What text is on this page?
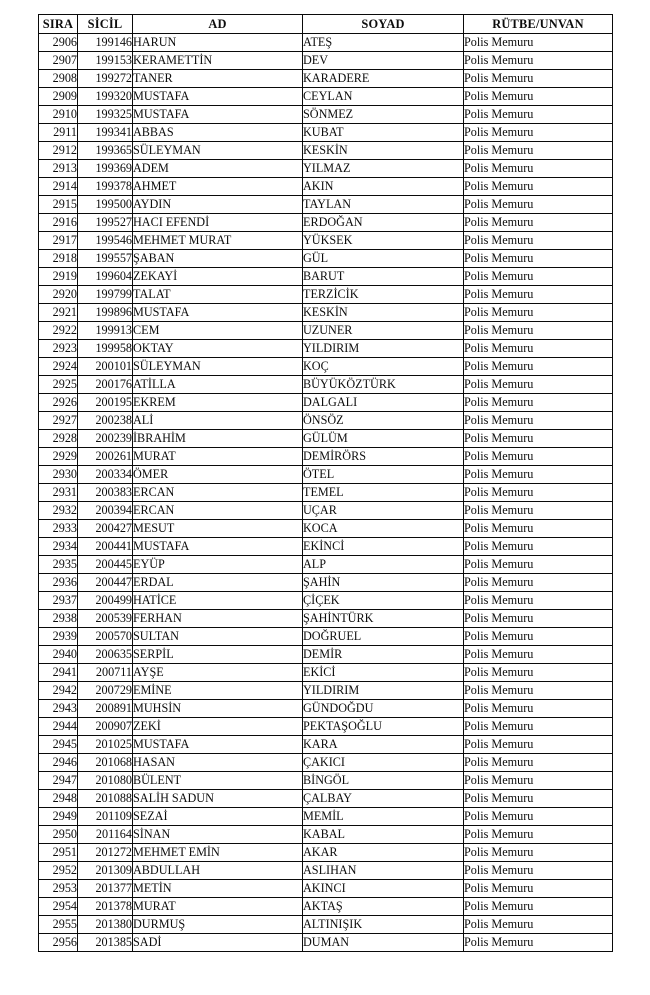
SIRA	SİCİL	AD	SOYAD	RÜTBE/UNVAN
2906	199146	HARUN	ATEŞ	Polis Memuru
2907	199153	KERAMETTİN	DEV	Polis Memuru
2908	199272	TANER	KARADERE	Polis Memuru
2909	199320	MUSTAFA	CEYLAN	Polis Memuru
2910	199325	MUSTAFA	SÖNMEZ	Polis Memuru
2911	199341	ABBAS	KUBAT	Polis Memuru
2912	199365	SÜLEYMAN	KESKİN	Polis Memuru
2913	199369	ADEM	YILMAZ	Polis Memuru
2914	199378	AHMET	AKIN	Polis Memuru
2915	199500	AYDIN	TAYLAN	Polis Memuru
2916	199527	HACI EFENDİ	ERDOĞAN	Polis Memuru
2917	199546	MEHMET MURAT	YÜKSEK	Polis Memuru
2918	199557	ŞABAN	GÜL	Polis Memuru
2919	199604	ZEKAYİ	BARUT	Polis Memuru
2920	199799	TALAT	TERZİCİK	Polis Memuru
2921	199896	MUSTAFA	KESKİN	Polis Memuru
2922	199913	CEM	UZUNER	Polis Memuru
2923	199958	OKTAY	YILDIRIM	Polis Memuru
2924	200101	SÜLEYMAN	KOÇ	Polis Memuru
2925	200176	ATİLLA	BÜYÜKÖZTÜRK	Polis Memuru
2926	200195	EKREM	DALGALI	Polis Memuru
2927	200238	ALİ	ÖNSÖZ	Polis Memuru
2928	200239	İBRAHİM	GÜLÜM	Polis Memuru
2929	200261	MURAT	DEMİRÖRS	Polis Memuru
2930	200334	ÖMER	ÖTEL	Polis Memuru
2931	200383	ERCAN	TEMEL	Polis Memuru
2932	200394	ERCAN	UÇAR	Polis Memuru
2933	200427	MESUT	KOCA	Polis Memuru
2934	200441	MUSTAFA	EKİNCİ	Polis Memuru
2935	200445	EYÜP	ALP	Polis Memuru
2936	200447	ERDAL	ŞAHİN	Polis Memuru
2937	200499	HATİCE	ÇİÇEK	Polis Memuru
2938	200539	FERHAN	ŞAHİNTÜRK	Polis Memuru
2939	200570	SULTAN	DOĞRUEL	Polis Memuru
2940	200635	SERPİL	DEMİR	Polis Memuru
2941	200711	AYŞE	EKİCİ	Polis Memuru
2942	200729	EMİNE	YILDIRIM	Polis Memuru
2943	200891	MUHSİN	GÜNDOĞDU	Polis Memuru
2944	200907	ZEKİ	PEKTAŞOĞLU	Polis Memuru
2945	201025	MUSTAFA	KARA	Polis Memuru
2946	201068	HASAN	ÇAKICI	Polis Memuru
2947	201080	BÜLENT	BİNGÖL	Polis Memuru
2948	201088	SALİH SADUN	ÇALBAY	Polis Memuru
2949	201109	SEZAİ	MEMİL	Polis Memuru
2950	201164	SİNAN	KABAL	Polis Memuru
2951	201272	MEHMET EMİN	AKAR	Polis Memuru
2952	201309	ABDULLAH	ASLIHAN	Polis Memuru
2953	201377	METİN	AKINCI	Polis Memuru
2954	201378	MURAT	AKTAŞ	Polis Memuru
2955	201380	DURMUŞ	ALTINIŞIK	Polis Memuru
2956	201385	SADİ	DUMAN	Polis Memuru
